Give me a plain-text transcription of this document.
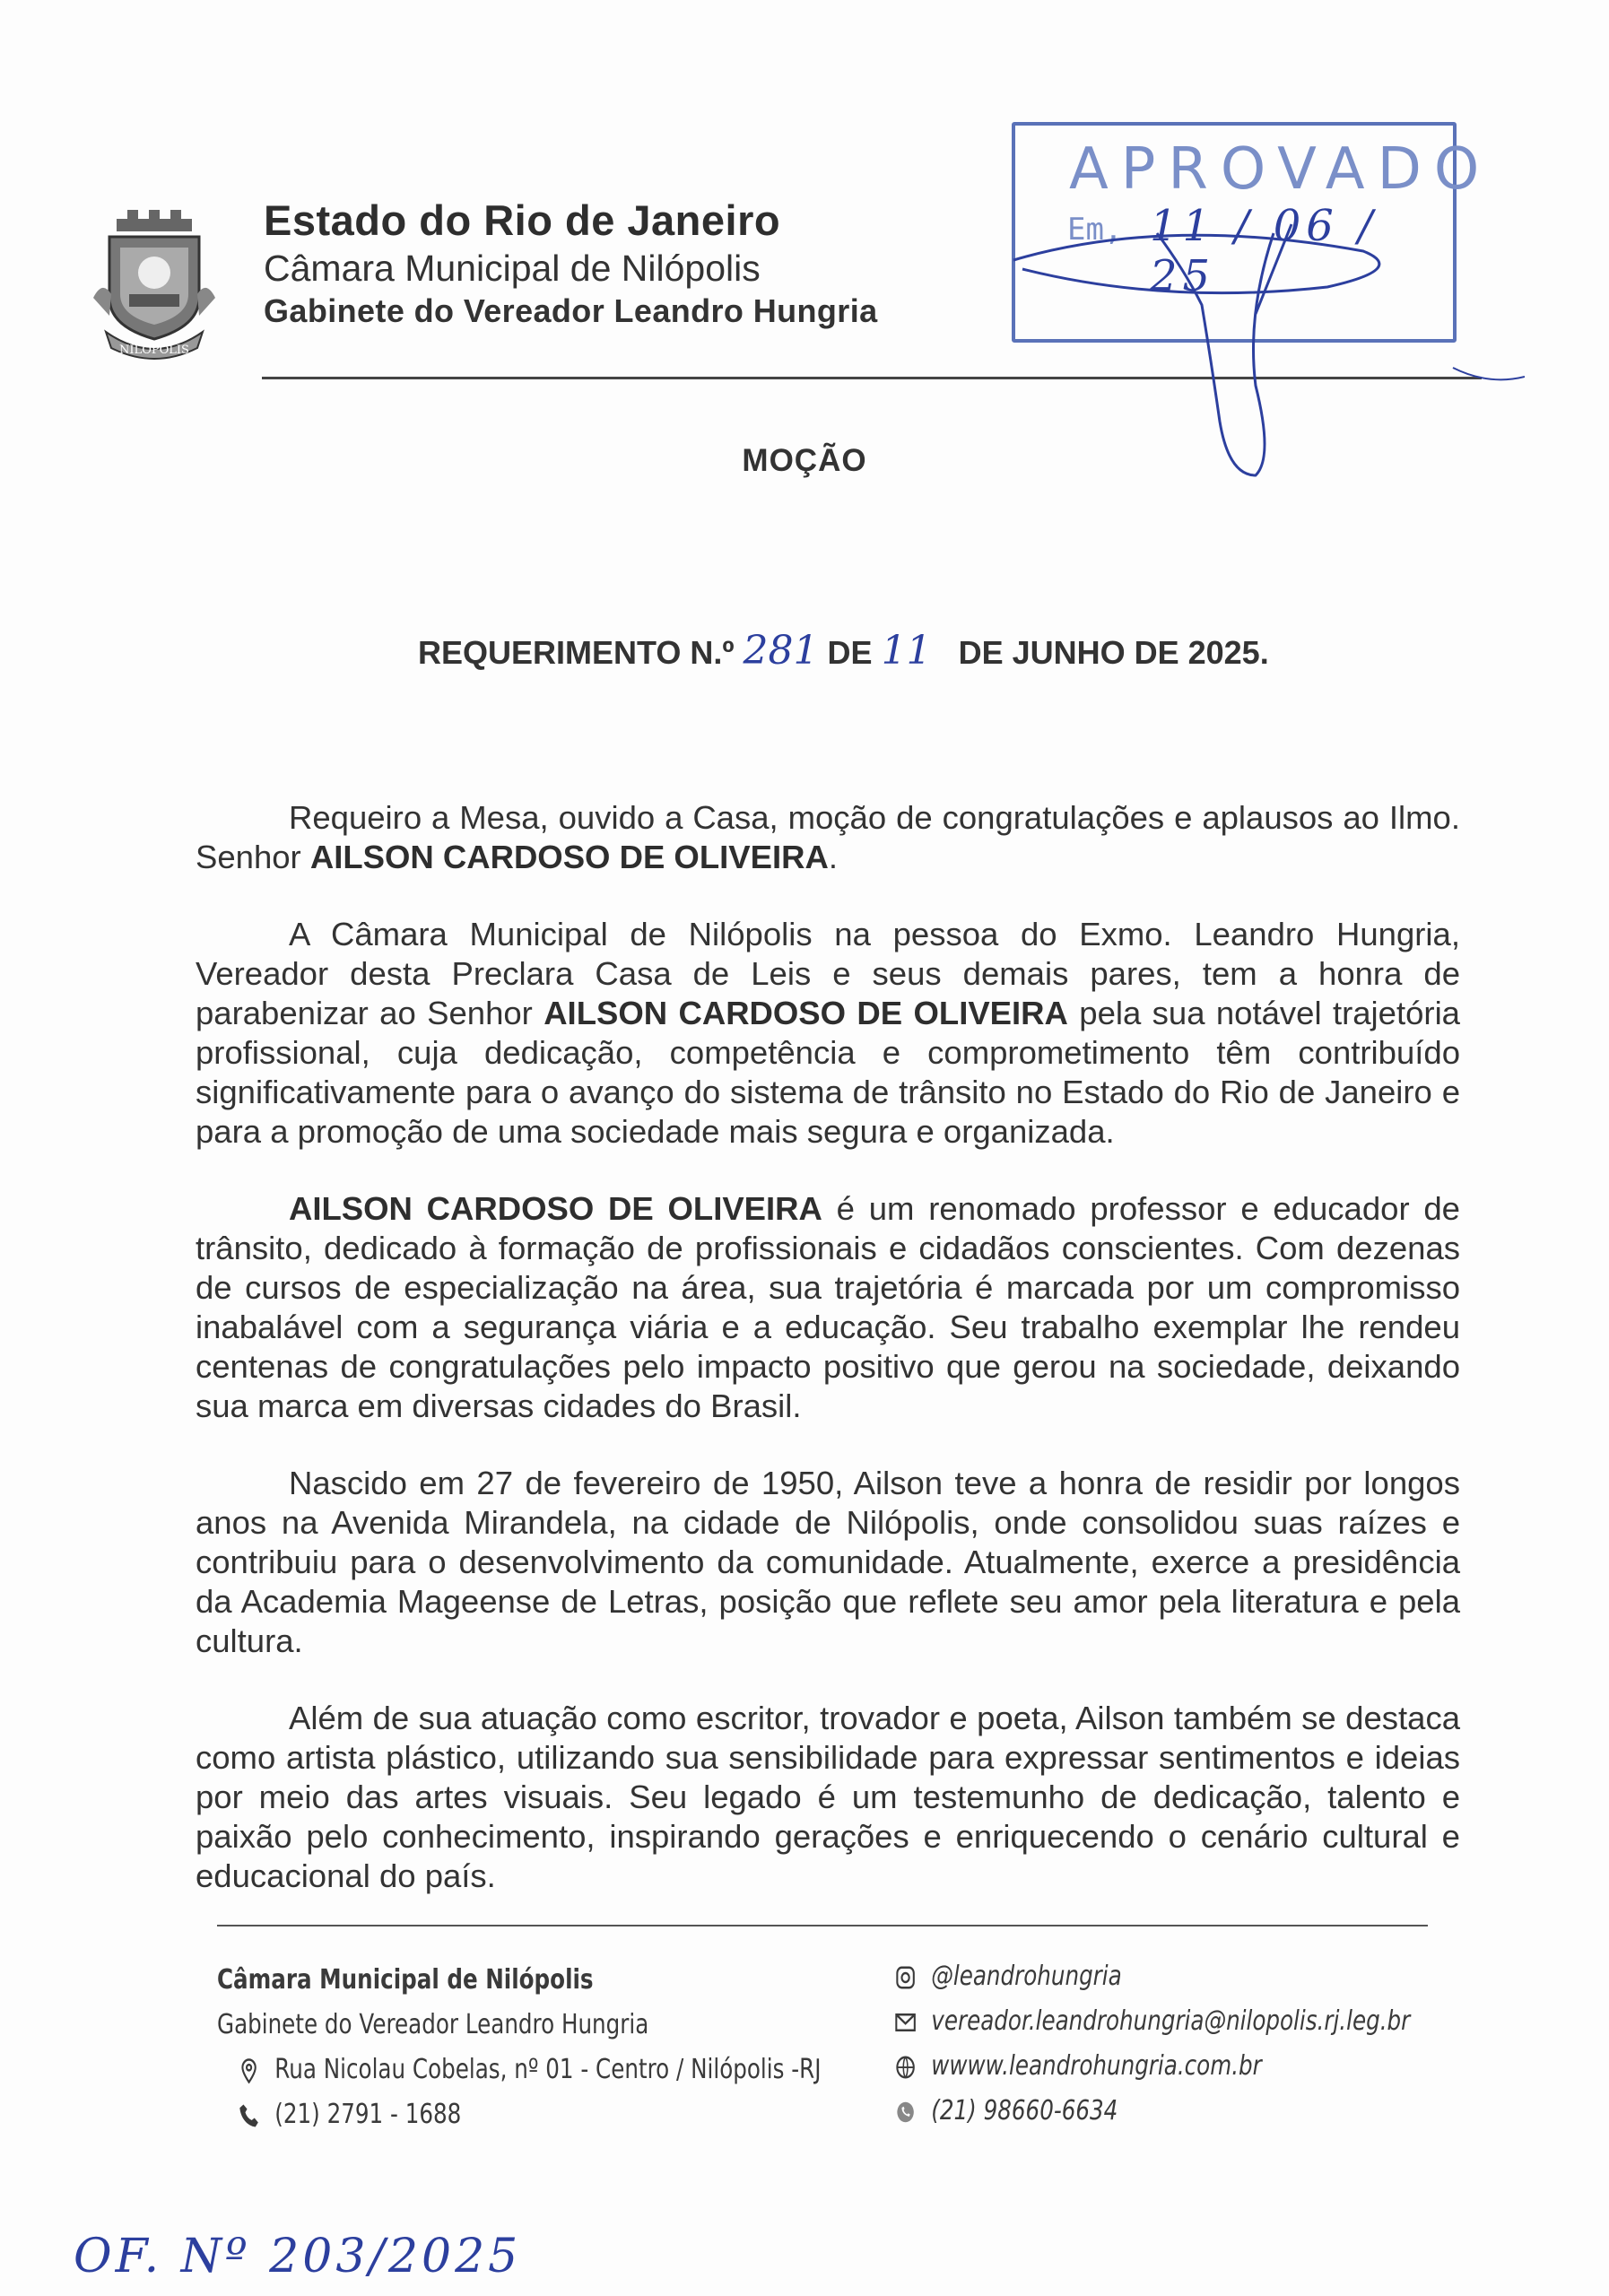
NILÓPOLIS
Estado do Rio de Janeiro
Câmara Municipal de Nilópolis
Gabinete do Vereador Leandro Hungria
APROVADO
Em, 11 / 06 / 25
MOÇÃO
REQUERIMENTO N.º 281 DE 11 DE JUNHO DE 2025.

Requeiro a Mesa, ouvido a Casa, moção de congratulações e aplausos ao Ilmo. Senhor AILSON CARDOSO DE OLIVEIRA.

A Câmara Municipal de Nilópolis na pessoa do Exmo. Leandro Hungria, Vereador desta Preclara Casa de Leis e seus demais pares, tem a honra de parabenizar ao Senhor AILSON CARDOSO DE OLIVEIRA pela sua notável trajetória profissional, cuja dedicação, competência e comprometimento têm contribuído significativamente para o avanço do sistema de trânsito no Estado do Rio de Janeiro e para a promoção de uma sociedade mais segura e organizada.

AILSON CARDOSO DE OLIVEIRA é um renomado professor e educador de trânsito, dedicado à formação de profissionais e cidadãos conscientes. Com dezenas de cursos de especialização na área, sua trajetória é marcada por um compromisso inabalável com a segurança viária e a educação. Seu trabalho exemplar lhe rendeu centenas de congratulações pelo impacto positivo que gerou na sociedade, deixando sua marca em diversas cidades do Brasil.

Nascido em 27 de fevereiro de 1950, Ailson teve a honra de residir por longos anos na Avenida Mirandela, na cidade de Nilópolis, onde consolidou suas raízes e contribuiu para o desenvolvimento da comunidade. Atualmente, exerce a presidência da Academia Mageense de Letras, posição que reflete seu amor pela literatura e pela cultura.

Além de sua atuação como escritor, trovador e poeta, Ailson também se destaca como artista plástico, utilizando sua sensibilidade para expressar sentimentos e ideias por meio das artes visuais. Seu legado é um testemunho de dedicação, talento e paixão pelo conhecimento, inspirando gerações e enriquecendo o cenário cultural e educacional do país.

Câmara Municipal de Nilópolis
Gabinete do Vereador Leandro Hungria
Rua Nicolau Cobelas, nº 01 - Centro / Nilópolis -RJ
(21) 2791 - 1688
@leandrohungria
vereador.leandrohungria@nilopolis.rj.leg.br
wwww.leandrohungria.com.br
(21) 98660-6634
OF. Nº 203/2025
